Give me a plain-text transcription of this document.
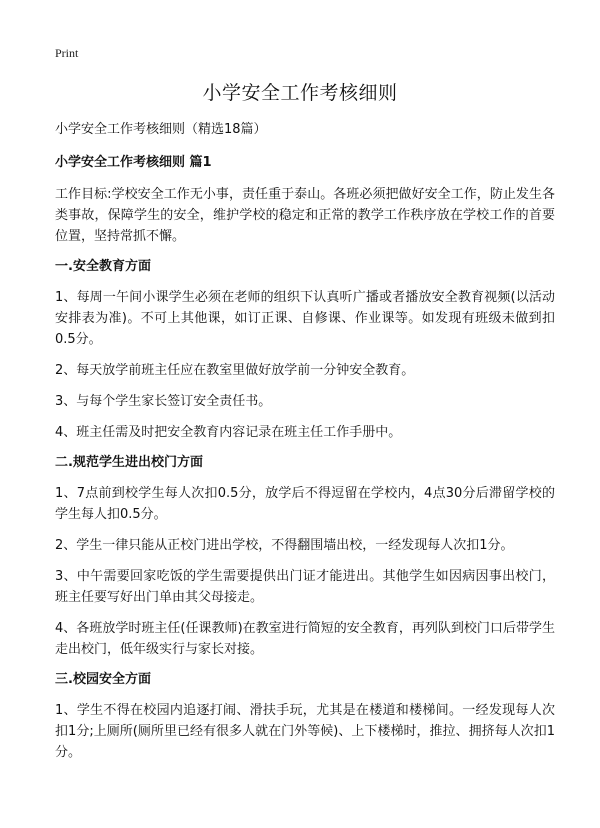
Print
小学安全工作考核细则
小学安全工作考核细则（精选18篇）
小学安全工作考核细则 篇1
工作目标:学校安全工作无小事，责任重于泰山。各班必须把做好安全工作，防止发生各类事故，保障学生的安全，维护学校的稳定和正常的教学工作秩序放在学校工作的首要位置，坚持常抓不懈。
一.安全教育方面
1、每周一午间小课学生必须在老师的组织下认真听广播或者播放安全教育视频(以活动安排表为准)。不可上其他课，如订正课、自修课、作业课等。如发现有班级未做到扣0.5分。
2、每天放学前班主任应在教室里做好放学前一分钟安全教育。
3、与每个学生家长签订安全责任书。
4、班主任需及时把安全教育内容记录在班主任工作手册中。
二.规范学生进出校门方面
1、7点前到校学生每人次扣0.5分，放学后不得逗留在学校内，4点30分后滞留学校的学生每人扣0.5分。
2、学生一律只能从正校门进出学校，不得翻围墙出校，一经发现每人次扣1分。
3、中午需要回家吃饭的学生需要提供出门证才能进出。其他学生如因病因事出校门，班主任要写好出门单由其父母接走。
4、各班放学时班主任(任课教师)在教室进行简短的安全教育，再列队到校门口后带学生走出校门，低年级实行与家长对接。
三.校园安全方面
1、学生不得在校园内追逐打闹、滑扶手玩，尤其是在楼道和楼梯间。一经发现每人次扣1分;上厕所(厕所里已经有很多人就在门外等候)、上下楼梯时，推拉、拥挤每人次扣1分。
